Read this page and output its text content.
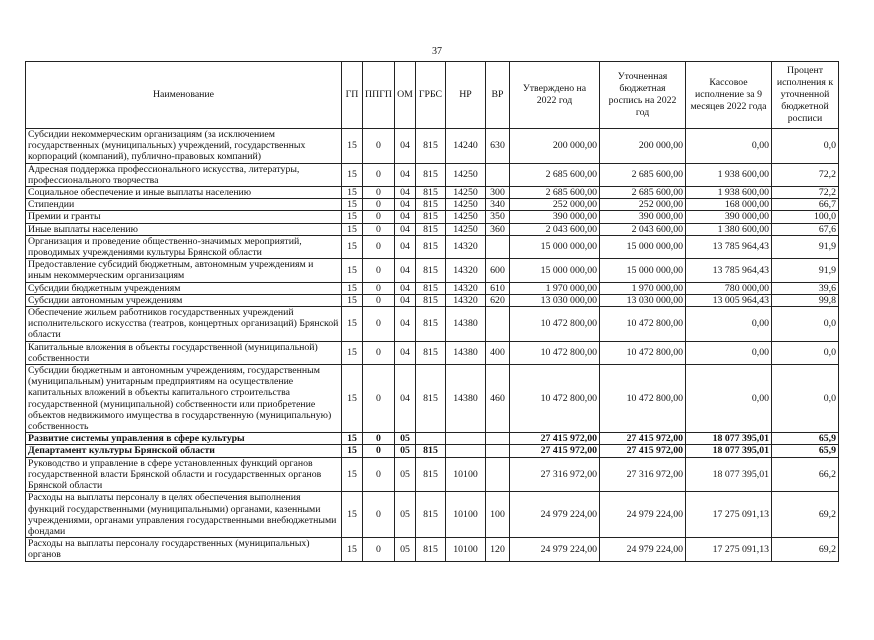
37
Наименование	ГП	ППГП	ОМ	ГРБС	НР	ВР	Утверждено на 2022 год	Уточненная бюджетная роспись на 2022 год	Кассовое исполнение за 9 месяцев 2022 года	Процент исполнения к уточненной бюджетной росписи
Субсидии некоммерческим организациям (за исключением государственных (муниципальных) учреждений, государственных корпораций (компаний), публично-правовых компаний)	15	0	04	815	14240	630	200 000,00	200 000,00	0,00	0,0
Адресная поддержка профессионального искусства, литературы, профессионального творчества	15	0	04	815	14250		2 685 600,00	2 685 600,00	1 938 600,00	72,2
Социальное обеспечение и иные выплаты населению	15	0	04	815	14250	300	2 685 600,00	2 685 600,00	1 938 600,00	72,2
Стипендии	15	0	04	815	14250	340	252 000,00	252 000,00	168 000,00	66,7
Премии и гранты	15	0	04	815	14250	350	390 000,00	390 000,00	390 000,00	100,0
Иные выплаты населению	15	0	04	815	14250	360	2 043 600,00	2 043 600,00	1 380 600,00	67,6
Организация и проведение общественно-значимых мероприятий, проводимых учреждениями культуры Брянской области	15	0	04	815	14320		15 000 000,00	15 000 000,00	13 785 964,43	91,9
Предоставление субсидий бюджетным, автономным учреждениям и иным некоммерческим организациям	15	0	04	815	14320	600	15 000 000,00	15 000 000,00	13 785 964,43	91,9
Субсидии бюджетным учреждениям	15	0	04	815	14320	610	1 970 000,00	1 970 000,00	780 000,00	39,6
Субсидии автономным учреждениям	15	0	04	815	14320	620	13 030 000,00	13 030 000,00	13 005 964,43	99,8
Обеспечение жильем работников государственных учреждений исполнительского искусства (театров, концертных организаций) Брянской области	15	0	04	815	14380		10 472 800,00	10 472 800,00	0,00	0,0
Капитальные вложения в объекты государственной (муниципальной) собственности	15	0	04	815	14380	400	10 472 800,00	10 472 800,00	0,00	0,0
Субсидии бюджетным и автономным учреждениям, государственным (муниципальным) унитарным предприятиям на осуществление капитальных вложений в объекты капитального строительства государственной (муниципальной) собственности или приобретение объектов недвижимого имущества в государственную (муниципальную) собственность	15	0	04	815	14380	460	10 472 800,00	10 472 800,00	0,00	0,0
Развитие системы управления в сфере культуры	15	0	05				27 415 972,00	27 415 972,00	18 077 395,01	65,9
Департамент культуры Брянской области	15	0	05	815			27 415 972,00	27 415 972,00	18 077 395,01	65,9
Руководство и управление в сфере установленных функций органов государственной власти Брянской области и государственных органов Брянской области	15	0	05	815	10100		27 316 972,00	27 316 972,00	18 077 395,01	66,2
Расходы на выплаты персоналу в целях обеспечения выполнения функций государственными (муниципальными) органами, казенными учреждениями, органами управления государственными внебюджетными фондами	15	0	05	815	10100	100	24 979 224,00	24 979 224,00	17 275 091,13	69,2
Расходы на выплаты персоналу государственных (муниципальных) органов	15	0	05	815	10100	120	24 979 224,00	24 979 224,00	17 275 091,13	69,2
